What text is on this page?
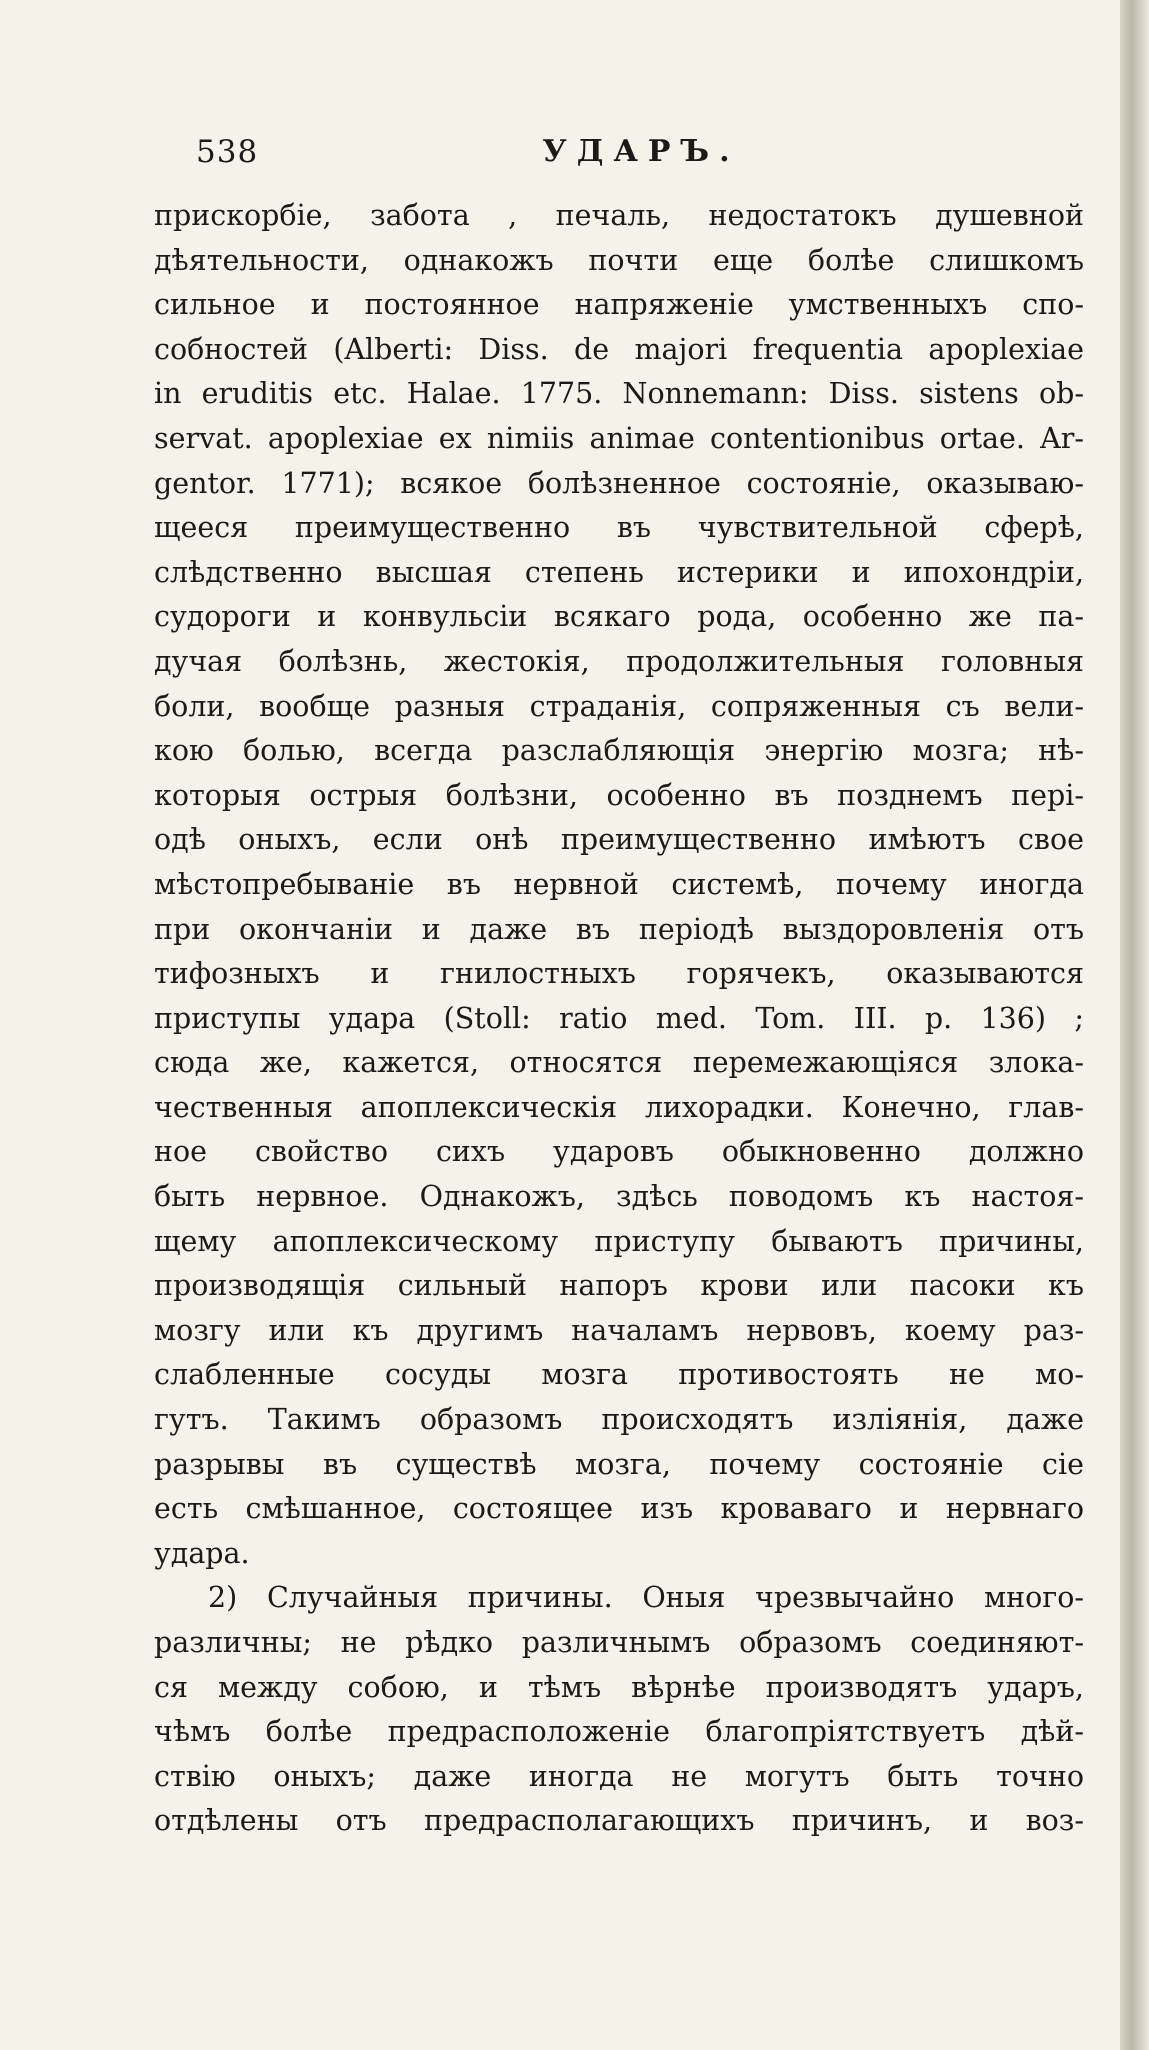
538	УДАРЪ.
прискорбіе, забота , печаль, недостатокъ душевной
дѣятельности, однакожъ почти еще болѣе слишкомъ
сильное и постоянное напряженіе умственныхъ спо-
собностей (Alberti: Diss. de majori frequentia apoplexiae
in eruditis etc. Halae. 1775. Nonnemann: Diss. sistens ob-
servat. apoplexiae ex nimiis animae contentionibus ortae. Ar-
gentor. 1771); всякое болѣзненное состояніе, оказываю-
щееся преимущественно въ чувствительной сферѣ,
слѣдственно высшая степень истерики и ипохондріи,
судороги и конвульсіи всякаго рода, особенно же па-
дучая болѣзнь, жестокія, продолжительныя головныя
боли, вообще разныя страданія, сопряженныя съ вели-
кою болью, всегда разслабляющія энергію мозга; нѣ-
которыя острыя болѣзни, особенно въ позднемъ пері-
одѣ оныхъ, если онѣ преимущественно имѣютъ свое
мѣстопребываніе въ нервной системѣ, почему иногда
при окончаніи и даже въ періодѣ выздоровленія отъ
тифозныхъ и гнилостныхъ горячекъ, оказываются
приступы удара (Stoll: ratio med. Tom. III. p. 136) ;
сюда же, кажется, относятся перемежающіяся злока-
чественныя апоплексическія лихорадки. Конечно, глав-
ное свойство сихъ ударовъ обыкновенно должно
быть нервное. Однакожъ, здѣсь поводомъ къ настоя-
щему апоплексическому приступу бываютъ причины,
производящія сильный напоръ крови или пасоки къ
мозгу или къ другимъ началамъ нервовъ, коему раз-
слабленные сосуды мозга противостоять не мо-
гутъ. Такимъ образомъ происходятъ изліянія, даже
разрывы въ существѣ мозга, почему состояніе сіе
есть смѣшанное, состоящее изъ кроваваго и нервнаго
удара.
2) Случайныя причины. Оныя чрезвычайно много-
различны; не рѣдко различнымъ образомъ соединяют-
ся между собою, и тѣмъ вѣрнѣе производятъ ударъ,
чѣмъ болѣе предрасположеніе благопріятствуетъ дѣй-
ствію оныхъ; даже иногда не могутъ быть точно
отдѣлены отъ предрасполагающихъ причинъ, и воз-
